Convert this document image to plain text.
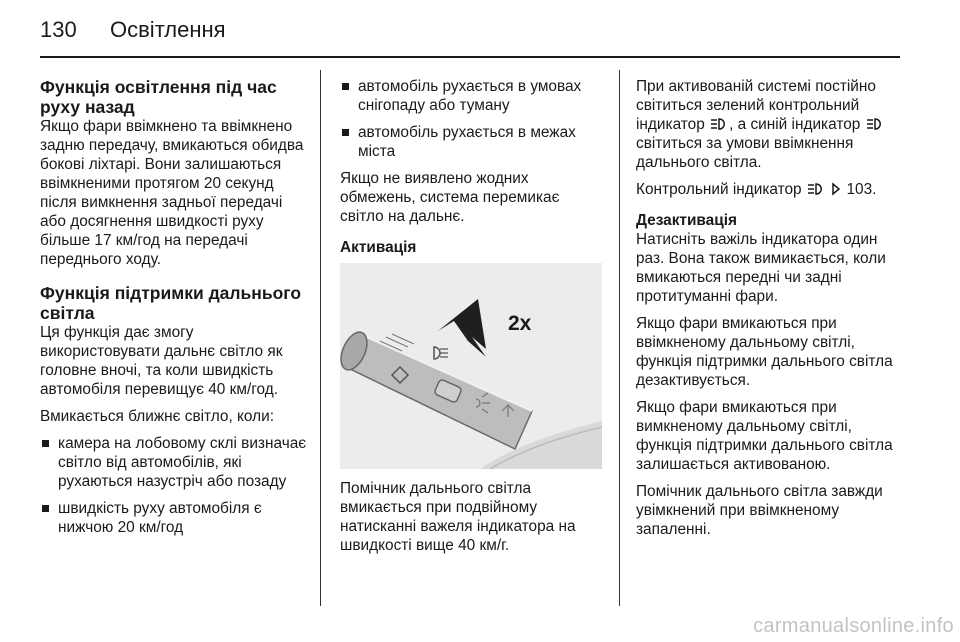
130 Освітлення
Функція освітлення під час руху назад

Якщо фари ввімкнено та ввімкнено задню передачу, вмикаються обидва бокові ліхтарі. Вони залишаються ввімкненими протягом 20 секунд після вимкнення задньої передачі або досягнення швидкості руху більше 17 км/год на передачі переднього ходу.

Функція підтримки дальнього світла

Ця функція дає змогу використовувати дальнє світло як головне вночі, та коли швидкість автомобіля перевищує 40 км/год.

Вмикається ближнє світло, коли:

камера на лобовому склі визначає світло від автомобілів, які рухаються назустріч або позаду
швидкість руху автомобіля є нижчою 20 км/год
автомобіль рухається в умовах снігопаду або туману
автомобіль рухається в межах міста

Якщо не виявлено жодних обмежень, система перемикає світло на дальнє.

Активація
2x

Помічник дальнього світла вмикається при подвійному натисканні важеля індикатора на швидкості вище 40 км/г.

При активованій системі постійно світиться зелений контрольний індикатор , а синій індикатор  світиться за умови ввімкнення дальнього світла.

Контрольний індикатор	103.

Дезактивація

Натисніть важіль індикатора один раз. Вона також вимикається, коли вмикаються передні чи задні протитуманні фари.

Якщо фари вмикаються при ввімкненому дальньому світлі, функція підтримки дальнього світла дезактивується.

Якщо фари вмикаються при вимкненому дальньому світлі, функція підтримки дальнього світла залишається активованою.

Помічник дальнього світла завжди увімкнений при ввімкненому запаленні.

carmanualsonline.info
